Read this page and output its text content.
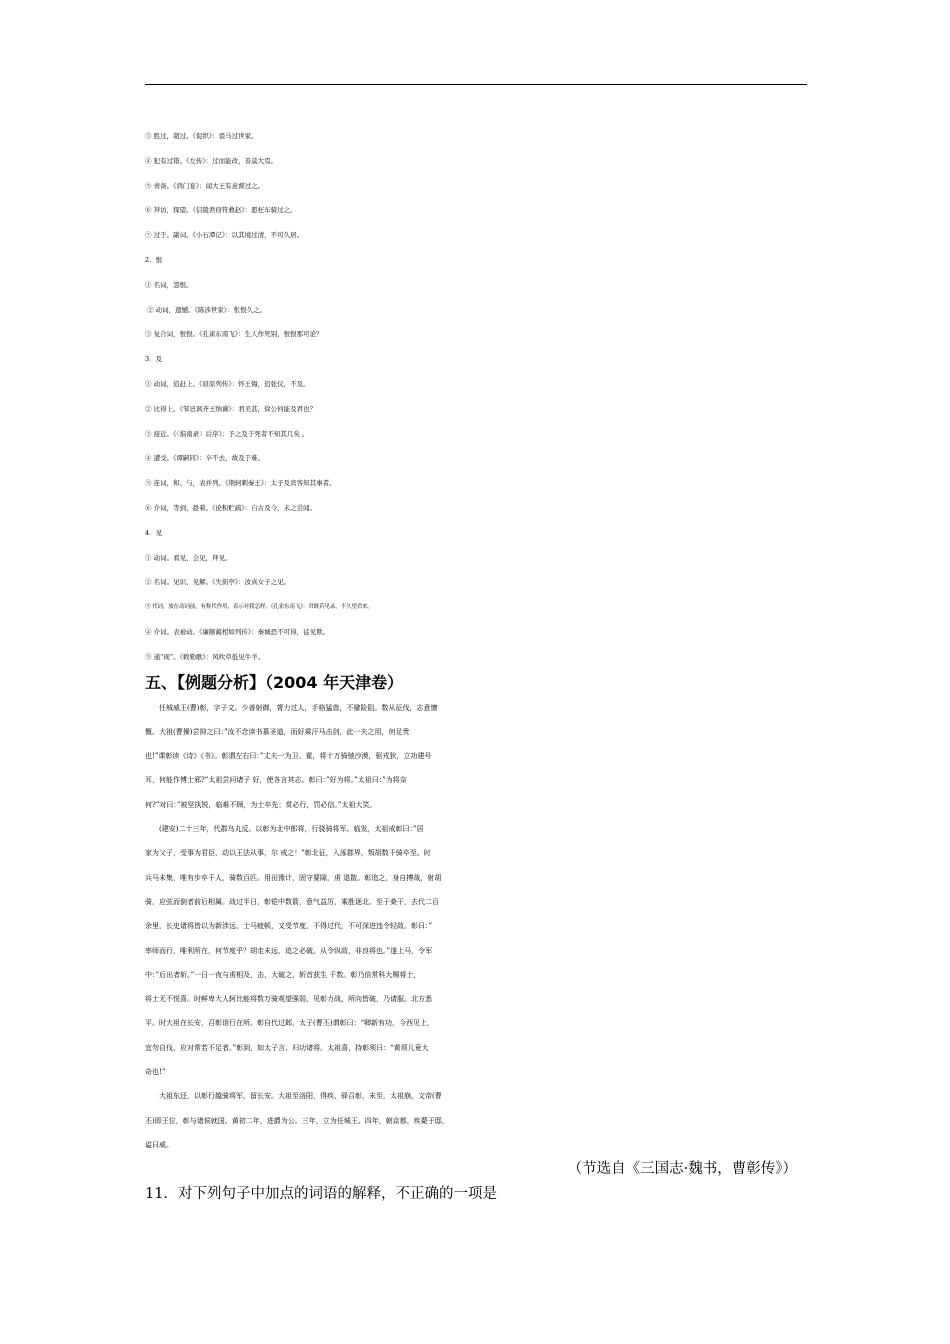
③ 胜过，超过。《促织》：裘马过世家。
④ 犯有过错。《左传》：过而能改，善莫大焉。
⑤ 责备。《鸿门宴》：闻大王有意督过之。
⑥ 拜访，探望。《信陵君窃符救赵》：愿枉车骑过之。
⑦ 过于。副词。《小石潭记》：以其境过清，不可久居。
2．恨
① 名词，怨恨。
② 动词，遗憾。《陈涉世家》：怅恨久之。
③ 复合词，恨恨。《孔雀东南飞》：生人作死别，恨恨那可论？
3．及
① 动词，追赶上。《屈原列传》：怀王悔，追张仪，不及。
② 比得上。《邹忌讽齐王纳谏》：君美甚，徐公何能及君也？
③ 接近。《〈指南录〉后序》：予之及于死者不知其几矣 。
④ 遭受。《谭嗣同》：卒不去，故及于难。
⑤ 连词，和、与，表并列。《荆轲刺秦王》：太子及宾客知其事者。
⑥ 介词，等到，趁着。《论积贮疏》：自古及今，未之尝闻。
4．见
① 动词。看见，会见，拜见。
② 名词。见识、见解。《失街亭》：汝真女子之见。
③ 代词。放在动词前，有称代作用，表示对我怎样。《孔雀东南飞》：君既若见录，不久望君来。
④ 介词。表被动。《廉颇蔺相如列传》：秦城恐不可得，徒见欺。
⑤ 通“现”。《敕勒歌》：风吹草低见牛羊。
五、【例题分析】（2004 年天津卷）
　　任城威王(曹)彰，字子文。少善射御，膂力过人，手格猛兽，不避险阻。数从征伐，志意慷
慨。大祖(曹操)尝抑之曰：”汝不念读书慕圣道，而好乘汗马击剑，此一夫之用，何足贵
也!”课彰读《诗》《书》。彰谓左右曰：”丈夫一为卫、霍，将十万骑驰沙漠，驱戎狄，立功建号
耳，何能作博士邪?”太祖尝问诸子 好，使各言其志。彰曰：”好为将。”太祖曰：”为将奈
何?”对曰：”被坚执锐，临难不顾，为士卒先；赏必行，罚必信。”太祖大笑。
　　(建安)二十三年，代郡乌丸反。以彰为北中郎将，行骁骑将军。临发，太祖戒彰曰：”居
家为父子，受事为君臣，动以王法从事，尔 戒之！”彰北征，入涿郡界，叛胡数千骑卒至。时
兵马未集，唯有步卒千人，骑数百匹。用田豫计，固守要隙，虏 退散。彰追之，身自搏战，射胡
骑，应弦而倒者前后相属。战过半日，彰铠中数箭，意气益厉，乘胜逐北。至于桑干，去代二百
余里，长史诸将皆以为新涉远，士马疲顿，又受节度，不得过代，不可深进违令轻敌。彰曰：”
率师而行，唯利所在，何节度乎？胡走未远，追之必破。从令纵敌，非良将也。”遂上马，令军
中：”后出者斩。”一日一夜与虏相及，击，大破之，斩首获生 千数。彰乃倍常科大赐将士，
将士无不悦喜。时鲜卑大人轲比能将数万骑观望强弱，见彰力战，所向皆破，乃请服。北方悉
平。时大祖在长安，召彰诣行在所。彰自代过邺，太子(曹丕)谓彰曰：“卿新有功，今西见上，
宜勿自伐，应对常若不足者。”彰到，如太子言，归功诸将。太祖喜，持彰须曰：“黄须儿竟大
奇也!”
　　大祖东还，以彰行越骑将军，留长安。大祖至洛阳，得疾，驿召彰，未至，太祖崩。文帝(曹
丕)即王位，彰与诸侯就国。黄初二年，进爵为公。三年，立为任城王。四年，朝京都，疾薨于邸，
谥曰威。
（节选自《三国志·魏书，曹彰传》）
11．对下列句子中加点的词语的解释，不正确的一项是
